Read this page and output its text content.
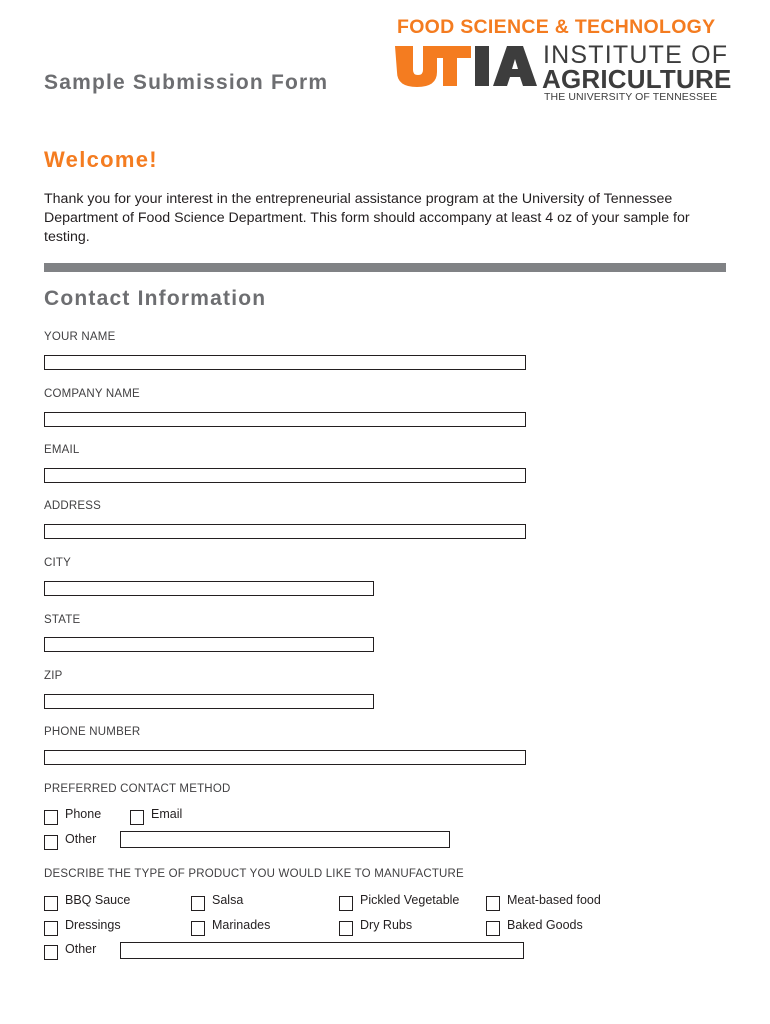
Sample Submission Form
FOOD SCIENCE & TECHNOLOGY
INSTITUTE OF
AGRICULTURE
THE UNIVERSITY OF TENNESSEE
Welcome!
Thank you for your interest in the entrepreneurial assistance program at the University of Tennessee Department of Food Science Department. This form should accompany at least 4 oz of your sample for testing.
Contact Information
YOUR NAME
COMPANY NAME
EMAIL
ADDRESS
CITY
STATE
ZIP
PHONE NUMBER
PREFERRED CONTACT METHOD
Phone	Email
Other
DESCRIBE THE TYPE OF PRODUCT YOU WOULD LIKE TO MANUFACTURE
BBQ Sauce	Salsa	Pickled Vegetable	Meat-based food
Dressings	Marinades	Dry Rubs	Baked Goods
Other
